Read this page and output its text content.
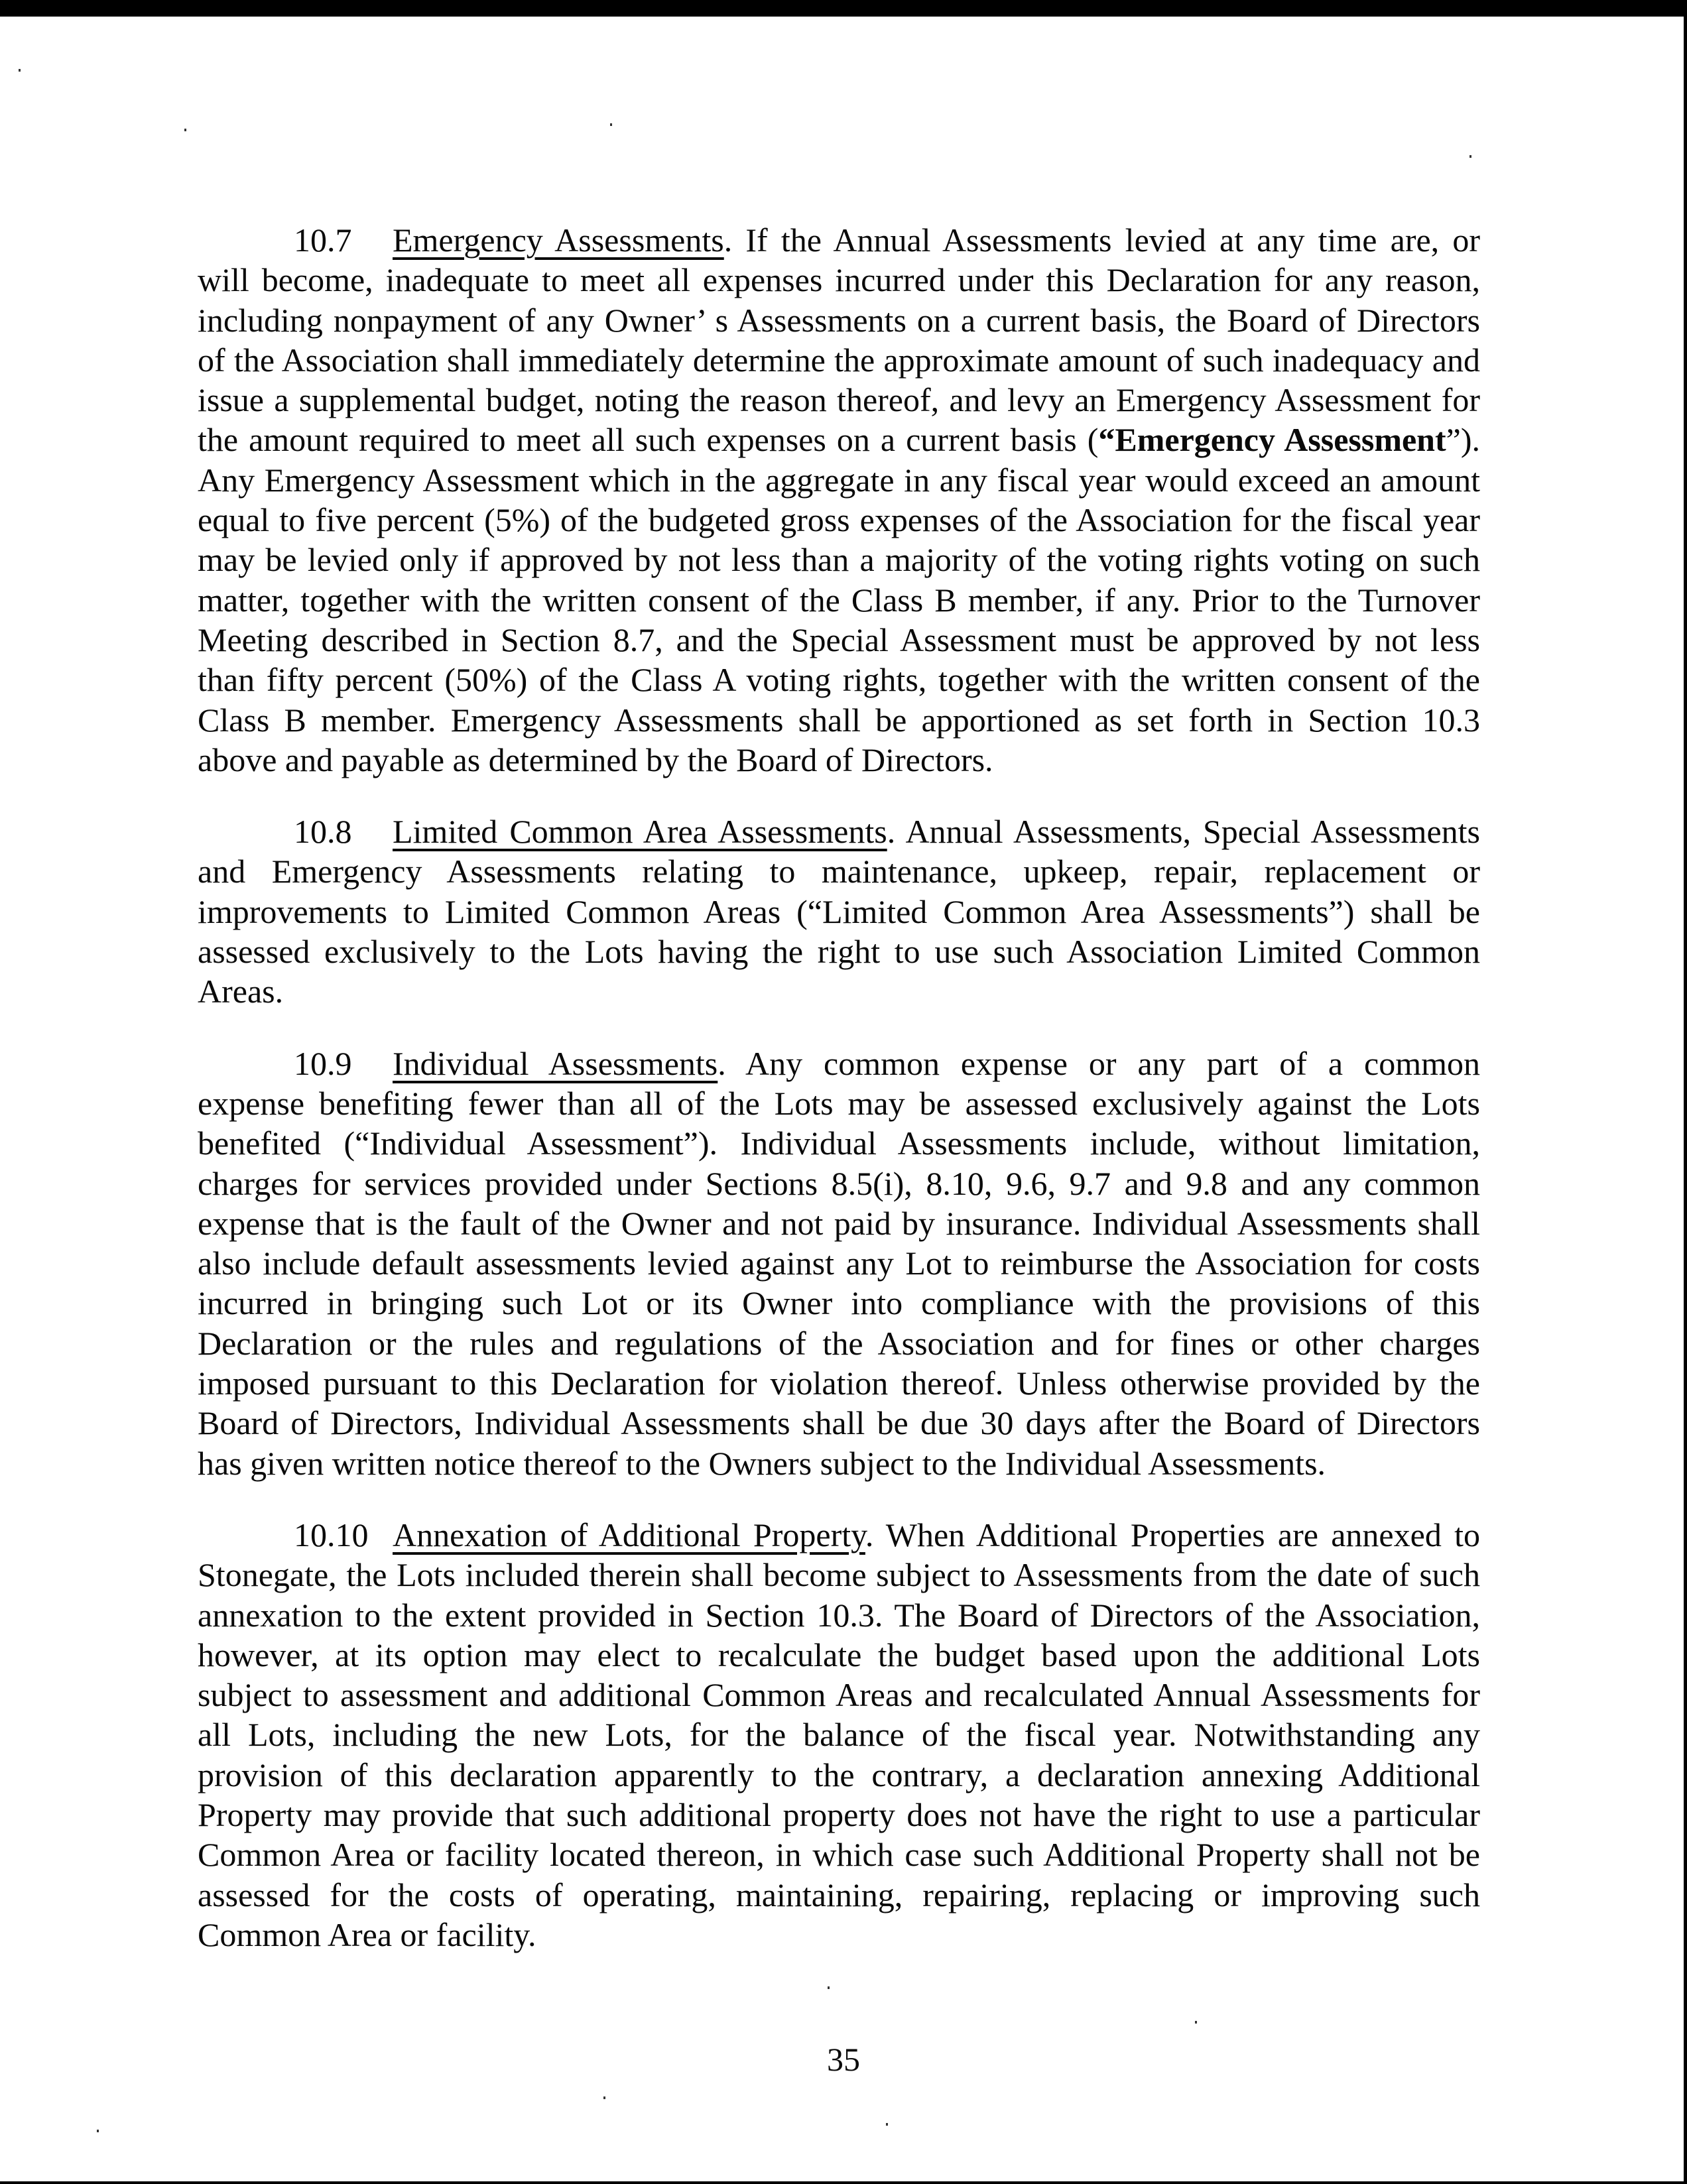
10.7 Emergency Assessments. If the Annual Assessments levied at any time are, or
will become, inadequate to meet all expenses incurred under this Declaration for any reason,
including nonpayment of any Owner’ s Assessments on a current basis, the Board of Directors
of the Association shall immediately determine the approximate amount of such inadequacy and
issue a supplemental budget, noting the reason thereof, and levy an Emergency Assessment for
the amount required to meet all such expenses on a current basis (“Emergency Assessment”).
Any Emergency Assessment which in the aggregate in any fiscal year would exceed an amount
equal to five percent (5%) of the budgeted gross expenses of the Association for the fiscal year
may be levied only if approved by not less than a majority of the voting rights voting on such
matter, together with the written consent of the Class B member, if any. Prior to the Turnover
Meeting described in Section 8.7, and the Special Assessment must be approved by not less
than fifty percent (50%) of the Class A voting rights, together with the written consent of the
Class B member. Emergency Assessments shall be apportioned as set forth in Section 10.3
above and payable as determined by the Board of Directors.
10.8 Limited Common Area Assessments. Annual Assessments, Special Assessments
and Emergency Assessments relating to maintenance, upkeep, repair, replacement or
improvements to Limited Common Areas (“Limited Common Area Assessments”) shall be
assessed exclusively to the Lots having the right to use such Association Limited Common
Areas.
10.9 Individual Assessments. Any common expense or any part of a common
expense benefiting fewer than all of the Lots may be assessed exclusively against the Lots
benefited (“Individual Assessment”). Individual Assessments include, without limitation,
charges for services provided under Sections 8.5(i), 8.10, 9.6, 9.7 and 9.8 and any common
expense that is the fault of the Owner and not paid by insurance. Individual Assessments shall
also include default assessments levied against any Lot to reimburse the Association for costs
incurred in bringing such Lot or its Owner into compliance with the provisions of this
Declaration or the rules and regulations of the Association and for fines or other charges
imposed pursuant to this Declaration for violation thereof. Unless otherwise provided by the
Board of Directors, Individual Assessments shall be due 30 days after the Board of Directors
has given written notice thereof to the Owners subject to the Individual Assessments.
10.10 Annexation of Additional Property. When Additional Properties are annexed to
Stonegate, the Lots included therein shall become subject to Assessments from the date of such
annexation to the extent provided in Section 10.3. The Board of Directors of the Association,
however, at its option may elect to recalculate the budget based upon the additional Lots
subject to assessment and additional Common Areas and recalculated Annual Assessments for
all Lots, including the new Lots, for the balance of the fiscal year. Notwithstanding any
provision of this declaration apparently to the contrary, a declaration annexing Additional
Property may provide that such additional property does not have the right to use a particular
Common Area or facility located thereon, in which case such Additional Property shall not be
assessed for the costs of operating, maintaining, repairing, replacing or improving such
Common Area or facility.
35
